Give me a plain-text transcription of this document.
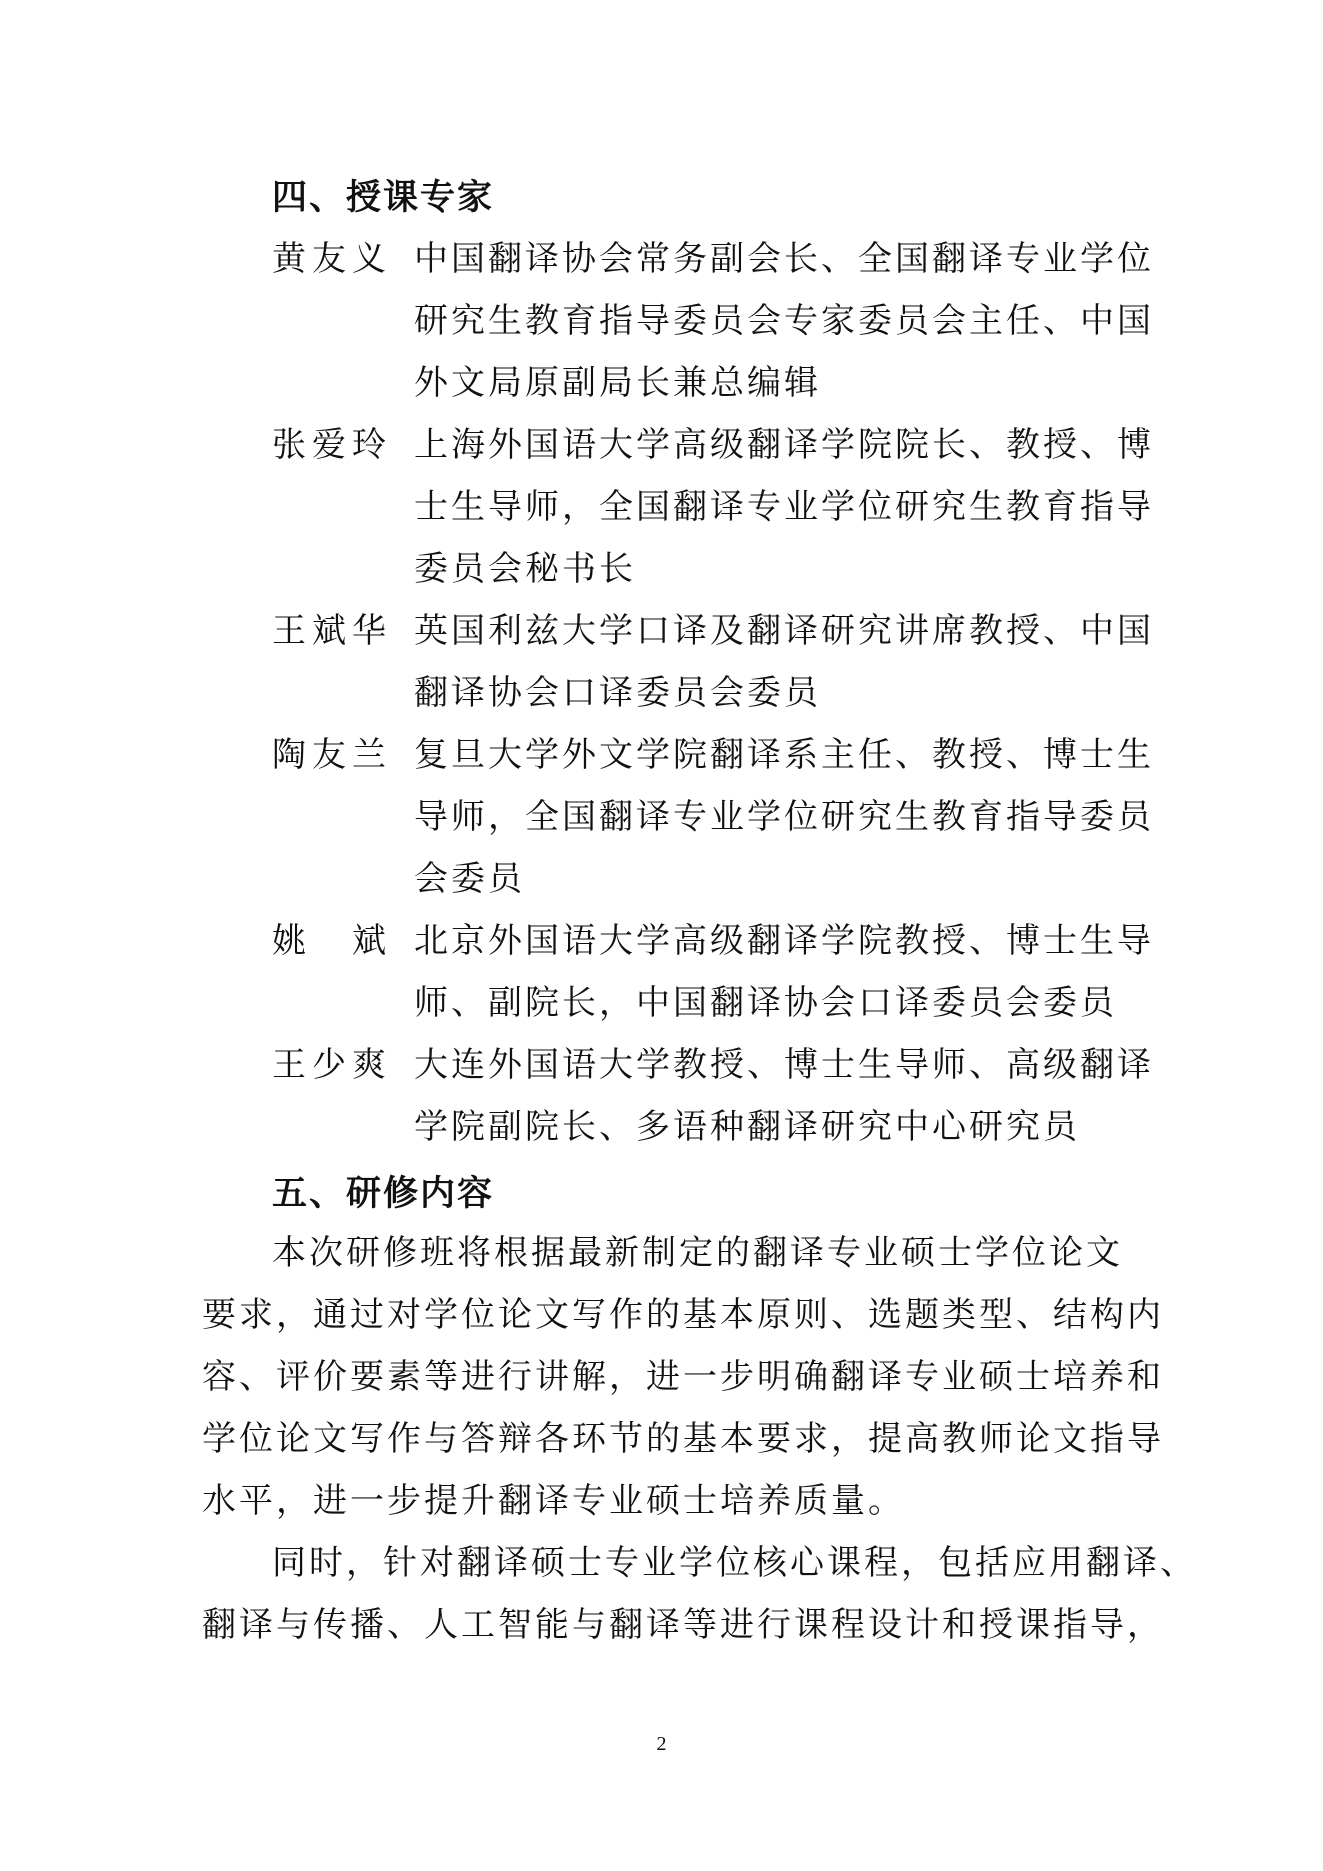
四、授课专家
黄友义 中国翻译协会常务副会长、全国翻译专业学位
研究生教育指导委员会专家委员会主任、中国
外文局原副局长兼总编辑
张爱玲 上海外国语大学高级翻译学院院长、教授、博
士生导师，全国翻译专业学位研究生教育指导
委员会秘书长
王斌华 英国利兹大学口译及翻译研究讲席教授、中国
翻译协会口译委员会委员
陶友兰 复旦大学外文学院翻译系主任、教授、博士生
导师，全国翻译专业学位研究生教育指导委员
会委员
姚　斌 北京外国语大学高级翻译学院教授、博士生导
师、副院长，中国翻译协会口译委员会委员
王少爽 大连外国语大学教授、博士生导师、高级翻译
学院副院长、多语种翻译研究中心研究员
五、研修内容
本次研修班将根据最新制定的翻译专业硕士学位论文
要求，通过对学位论文写作的基本原则、选题类型、结构内
容、评价要素等进行讲解，进一步明确翻译专业硕士培养和
学位论文写作与答辩各环节的基本要求，提高教师论文指导
水平，进一步提升翻译专业硕士培养质量。
同时，针对翻译硕士专业学位核心课程，包括应用翻译、
翻译与传播、人工智能与翻译等进行课程设计和授课指导，
2
